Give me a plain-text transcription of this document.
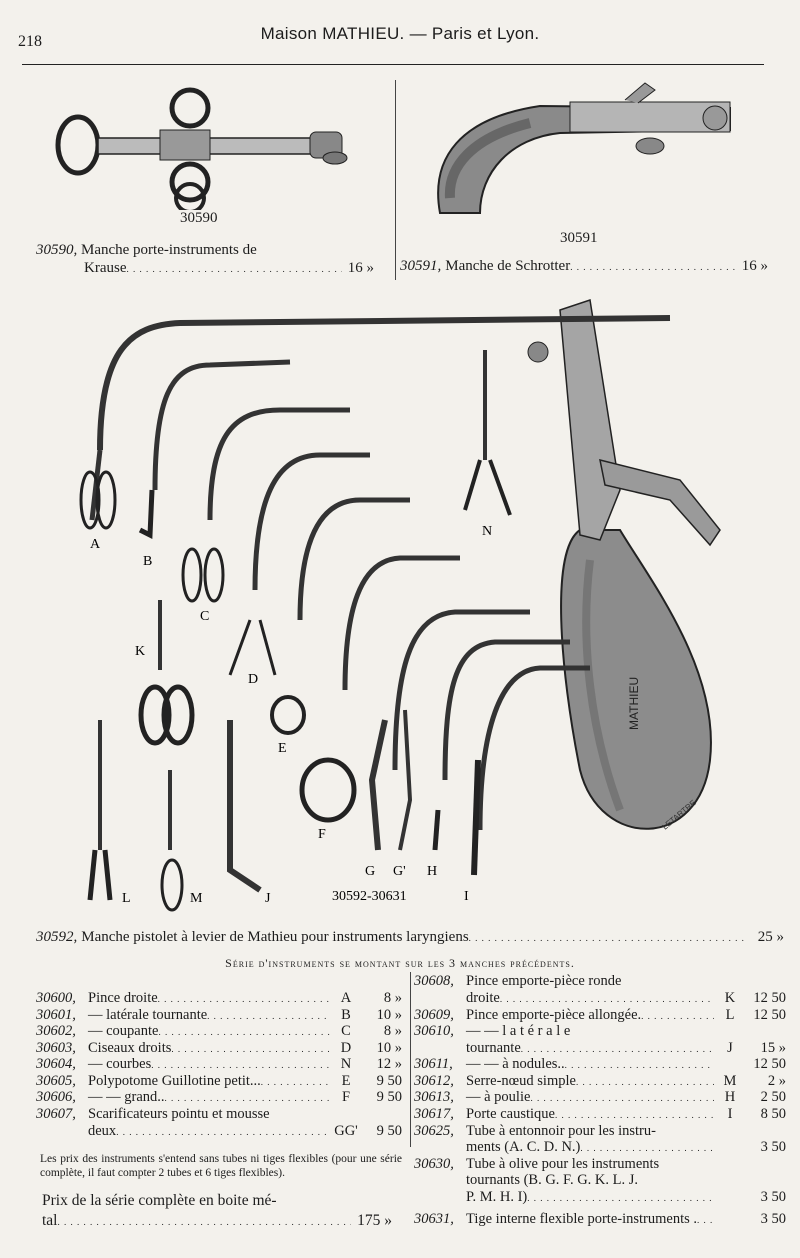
218	Maison MATHIEU. — Paris et Lyon.
30590
30590, Manche porte-instruments de
Krause . . .	16 »
30591
30591, Manche de Schrotter . . .	16 »
MATHIEU
LETARTRE
A
B
C
D
E
F
G G' H
I
K
L	M	J
N
30592-30631
30592, Manche pistolet à levier de Mathieu pour instruments laryngiens . . .	25 »
Série d'instruments se montant sur les 3 manches précédents.
30600, Pince droite . . .	A	8 »
30601, — latérale tournante . . .	B	10 »
30602, — coupante . . .	C	8 »
30603, Ciseaux droits . . .	D	10 »
30604, — courbes . . .	N	12 »
30605, Polypotome Guillotine petit... . . .	E	9 50
30606, — — grand.. . . .	F	9 50
30607, Scarificateurs pointu et mousse
deux . . .	GG'	9 50
Les prix des instruments s'entend sans tubes ni tiges flexibles (pour une série complète, il faut compter 2 tubes et 6 tiges flexibles).
Prix de la série complète en boite mé-
tal . . .	175 »
30608, Pince emporte-pièce ronde
droite . . .	K	12 50
30609, Pince emporte-pièce allongée. . . .	L	12 50
30610, — — l a t é r a l e
tournante . . .	J	15 »
30611, — — à nodules.. . . .	12 50
30612, Serre-nœud simple . . .	M	2 »
30613, — à poulie . . .	H	2 50
30617, Porte caustique . . .	I	8 50
30625, Tube à entonnoir pour les instru-
ments (A. C. D. N.) . . .	3 50
30630, Tube à olive pour les instruments
tournants (B. G. F. G. K. L. J.
P. M. H. I) . . .	3 50
30631, Tige interne flexible porte-instruments . . . .	3 50
